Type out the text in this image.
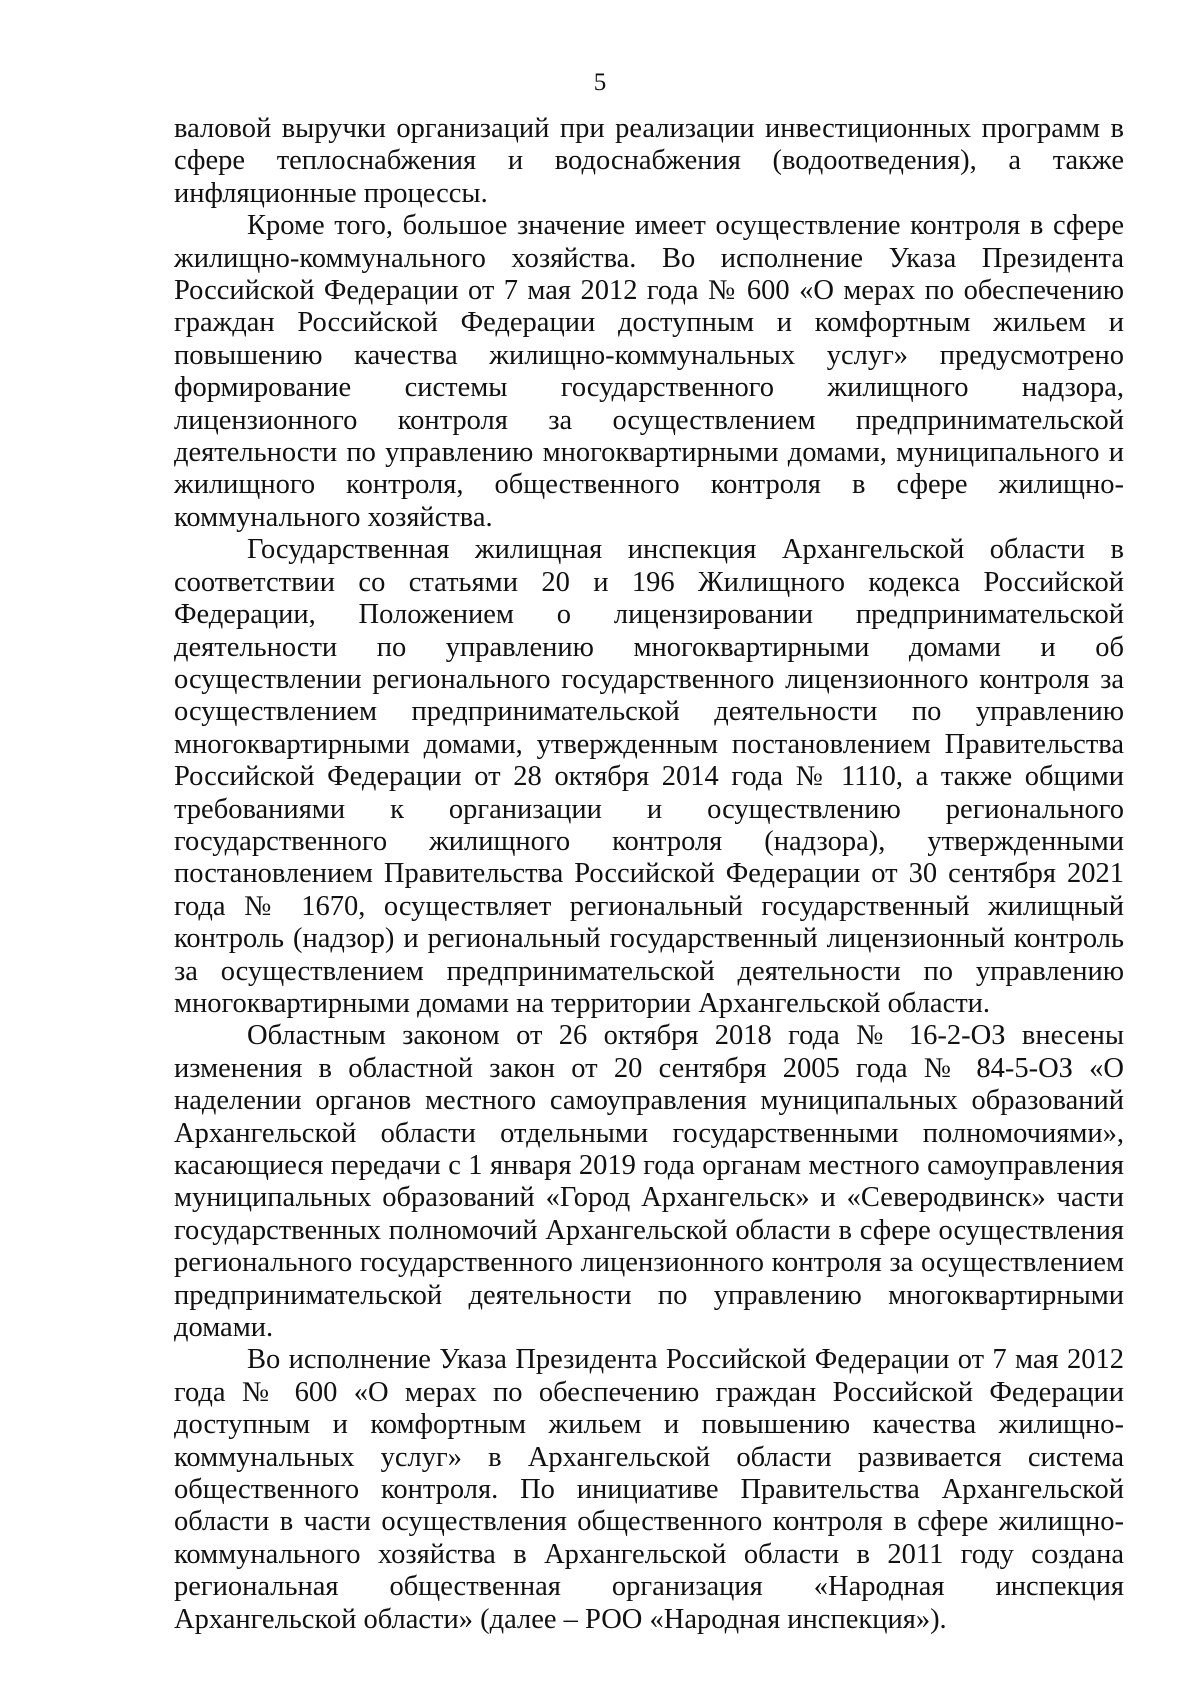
5

валовой выручки организаций при реализации инвестиционных программ в сфере теплоснабжения и водоснабжения (водоотведения), а также инфляционные процессы.

Кроме того, большое значение имеет осуществление контроля в сфере жилищно-коммунального хозяйства. Во исполнение Указа Президента Российской Федерации от 7 мая 2012 года № 600 «О мерах по обеспечению граждан Российской Федерации доступным и комфортным жильем и повышению качества жилищно-коммунальных услуг» предусмотрено формирование системы государственного жилищного надзора, лицензионного контроля за осуществлением предпринимательской деятельности по управлению многоквартирными домами, муниципального и жилищного контроля, общественного контроля в сфере жилищно-коммунального хозяйства.

Государственная жилищная инспекция Архангельской области в соответствии со статьями 20 и 196 Жилищного кодекса Российской Федерации, Положением о лицензировании предпринимательской деятельности по управлению многоквартирными домами и об осуществлении регионального государственного лицензионного контроля за осуществлением предпринимательской деятельности по управлению многоквартирными домами, утвержденным постановлением Правительства Российской Федерации от 28 октября 2014 года № 1110, а также общими требованиями к организации и осуществлению регионального государственного жилищного контроля (надзора), утвержденными постановлением Правительства Российской Федерации от 30 сентября 2021 года № 1670, осуществляет региональный государственный жилищный контроль (надзор) и региональный государственный лицензионный контроль за осуществлением предпринимательской деятельности по управлению многоквартирными домами на территории Архангельской области.

Областным законом от 26 октября 2018 года № 16-2-ОЗ внесены изменения в областной закон от 20 сентября 2005 года № 84-5-ОЗ «О наделении органов местного самоуправления муниципальных образований Архангельской области отдельными государственными полномочиями», касающиеся передачи с 1 января 2019 года органам местного самоуправления муниципальных образований «Город Архангельск» и «Северодвинск» части государственных полномочий Архангельской области в сфере осуществления регионального государственного лицензионного контроля за осуществлением предпринимательской деятельности по управлению многоквартирными домами.

Во исполнение Указа Президента Российской Федерации от 7 мая 2012 года № 600 «О мерах по обеспечению граждан Российской Федерации доступным и комфортным жильем и повышению качества жилищно-коммунальных услуг» в Архангельской области развивается система общественного контроля. По инициативе Правительства Архангельской области в части осуществления общественного контроля в сфере жилищно-коммунального хозяйства в Архангельской области в 2011 году создана региональная общественная организация «Народная инспекция Архангельской области» (далее – РОО «Народная инспекция»).
